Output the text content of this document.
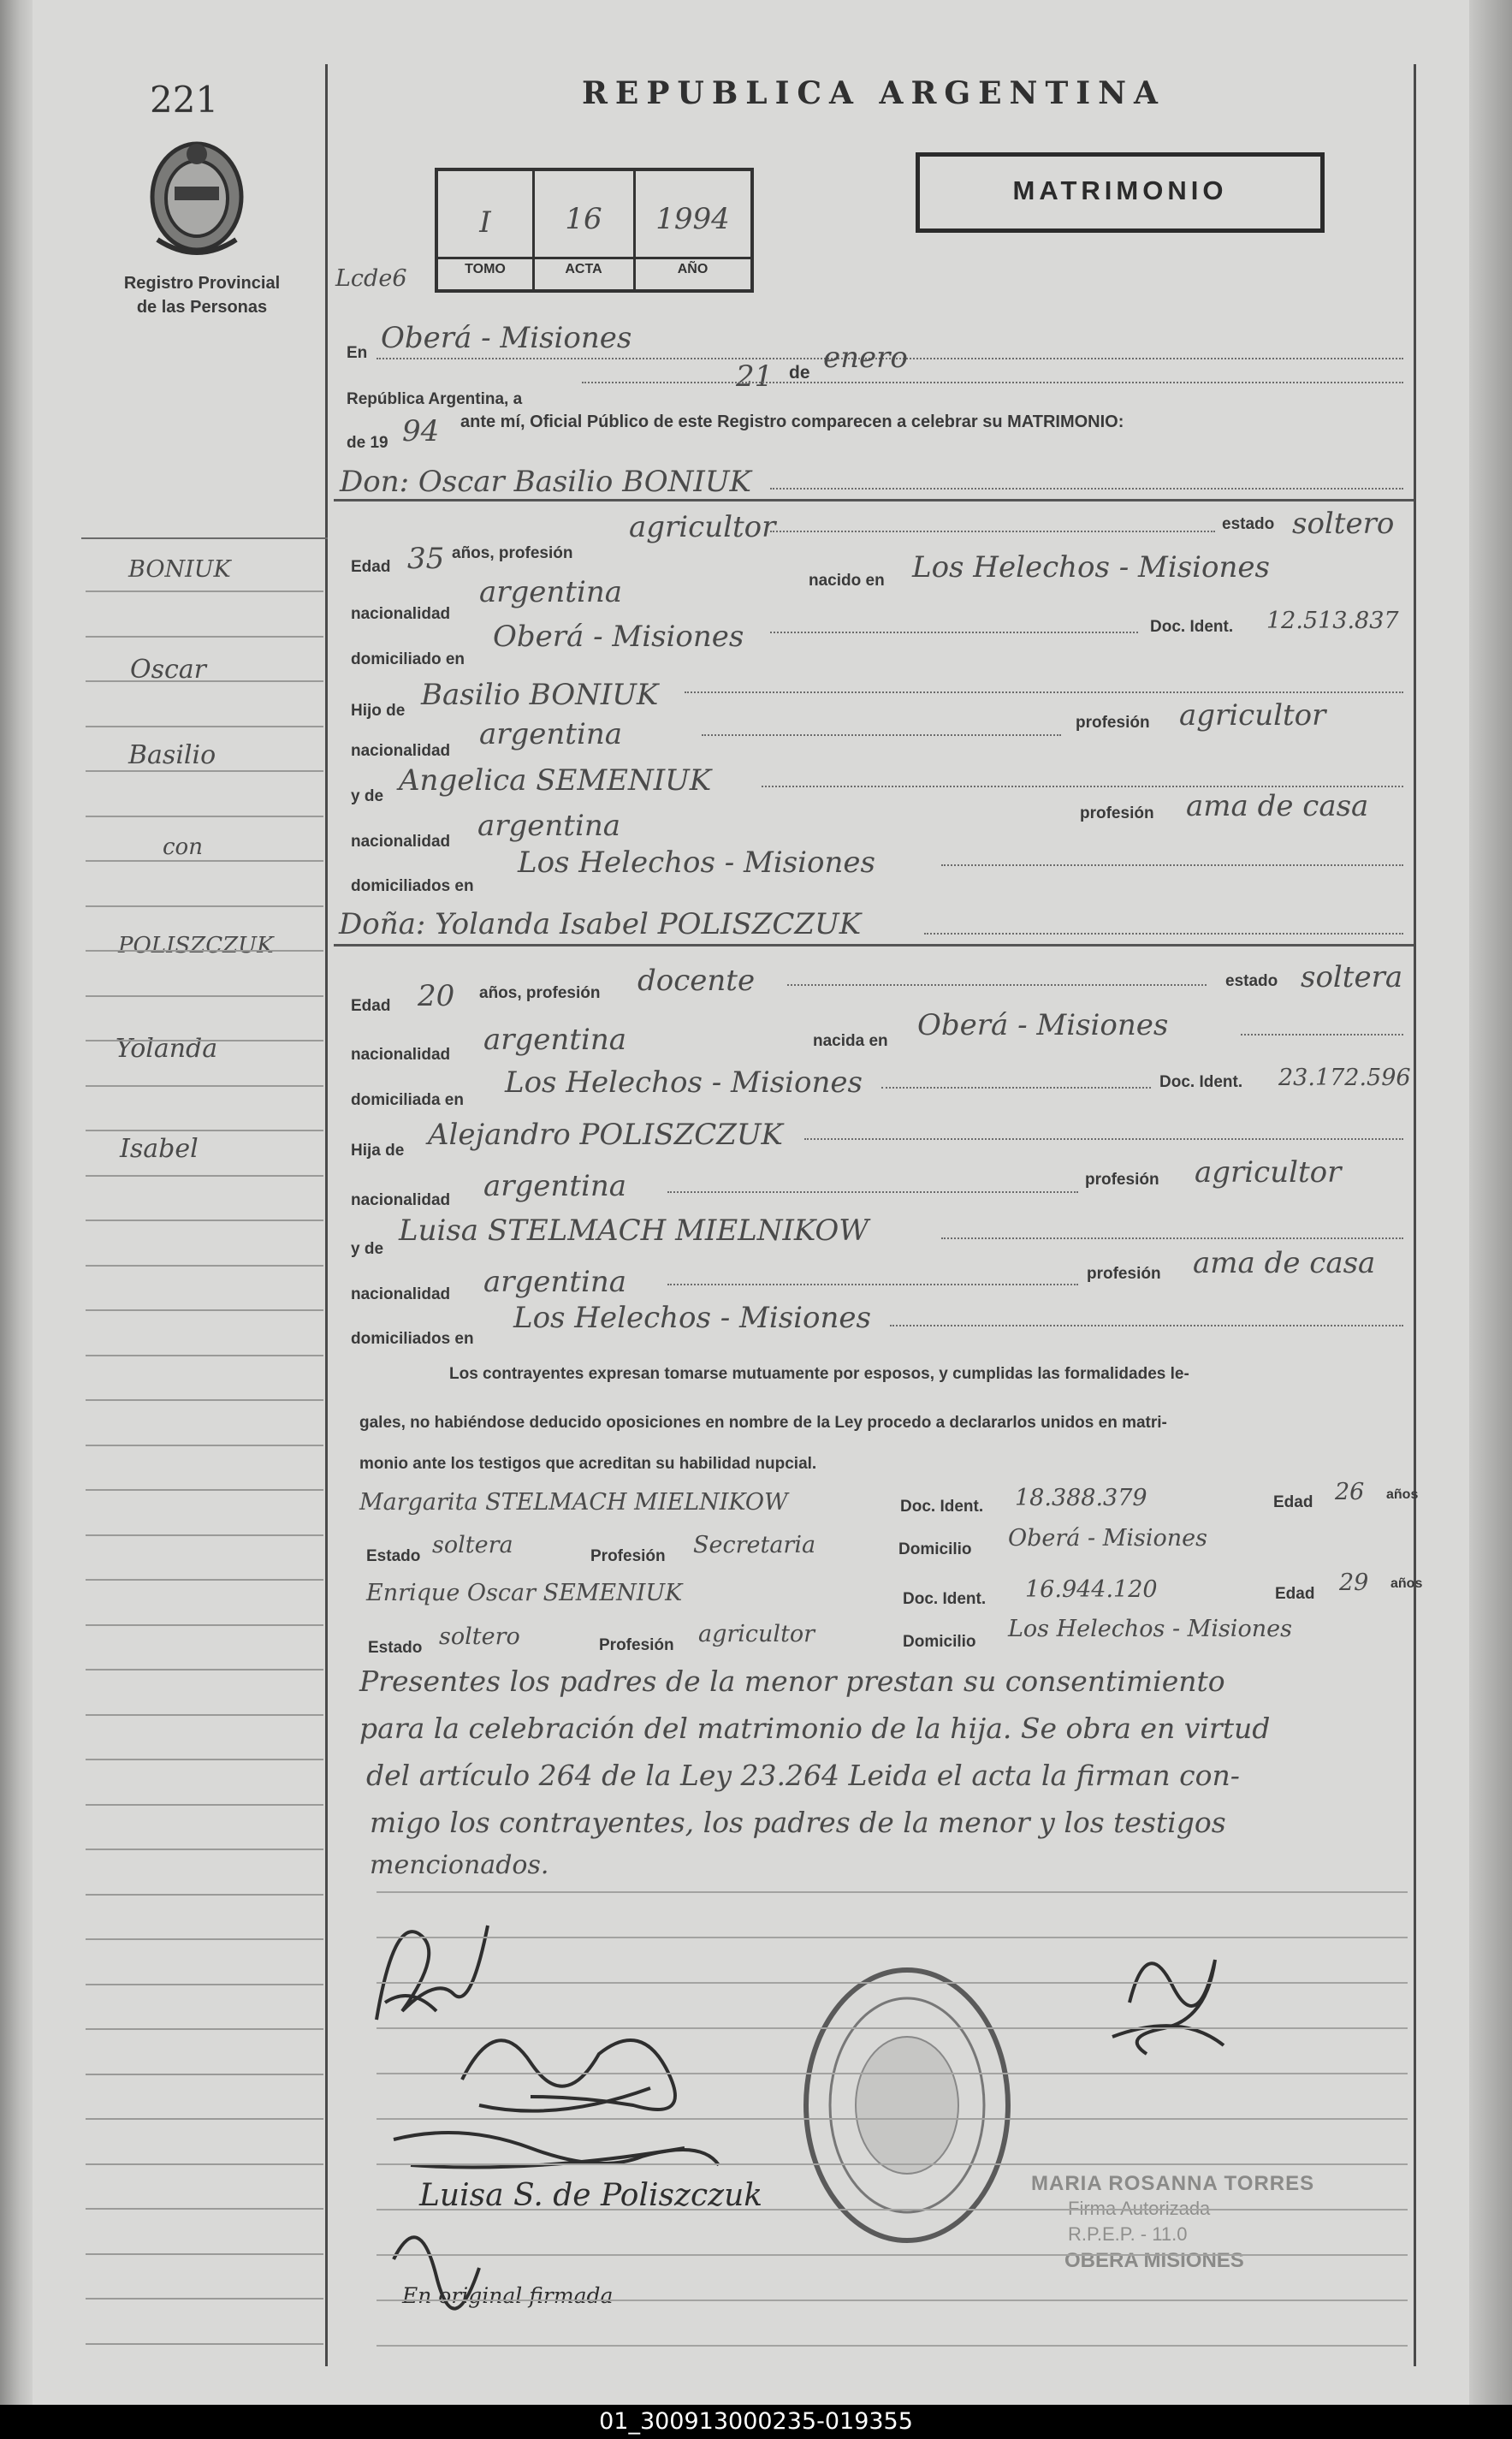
221
Registro Provincial
de las Personas
REPUBLICA ARGENTINA
MATRIMONIO
I	16	1994
TOMO	ACTA	AÑO
Lcde6
En Oberá - Misiones
República Argentina, a
21 de enero
de 19 94 ante mí, Oficial Público de este Registro comparecen a celebrar su MATRIMONIO:
Don: Oscar Basilio BONIUK
Edad 35 años, profesión
agricultor	estado soltero
nacionalidad
argentina	nacido en Los Helechos - Misiones
domiciliado en
Oberá - Misiones	Doc. Ident. 12.513.837
Hijo de Basilio BONIUK
nacionalidad argentina	profesión agricultor
y de Angelica SEMENIUK
nacionalidad argentina	profesión ama de casa
domiciliados en
Los Helechos - Misiones
Doña: Yolanda Isabel POLISZCZUK
Edad 20 años, profesión docente	estado soltera
nacionalidad argentina	nacida en Oberá - Misiones
domiciliada en
Los Helechos - Misiones	Doc. Ident. 23.172.596
Hija de Alejandro POLISZCZUK
nacionalidad argentina	profesión agricultor
y de
Luisa STELMACH MIELNIKOW
nacionalidad argentina	profesión ama de casa
domiciliados en
Los Helechos - Misiones
Los contrayentes expresan tomarse mutuamente por esposos, y cumplidas las formalidades le-
gales, no habiéndose deducido oposiciones en nombre de la Ley procedo a declararlos unidos en matri-
monio ante los testigos que acreditan su habilidad nupcial.
Margarita STELMACH MIELNIKOW	Doc. Ident. 18.388.379	Edad 26 años
Estado soltera	Profesión Secretaria	Domicilio Oberá - Misiones
Enrique Oscar SEMENIUK	Doc. Ident. 16.944.120	Edad 29 años
Estado soltero	Profesión agricultor	Domicilio Los Helechos - Misiones
Presentes los padres de la menor prestan su consentimiento
para la celebración del matrimonio de la hija. Se obra en virtud
del artículo 264 de la Ley 23.264 Leida el acta la firman con-
migo los contrayentes, los padres de la menor y los testigos
mencionados.
Luisa S. de Poliszczuk
En original firmada
MARIA ROSANNA TORRES
Firma Autorizada
R.P.E.P. - 11.0
OBERA MISIONES
BONIUK
Oscar
Basilio
con
POLISZCZUK
Yolanda
Isabel
01_300913000235-019355
